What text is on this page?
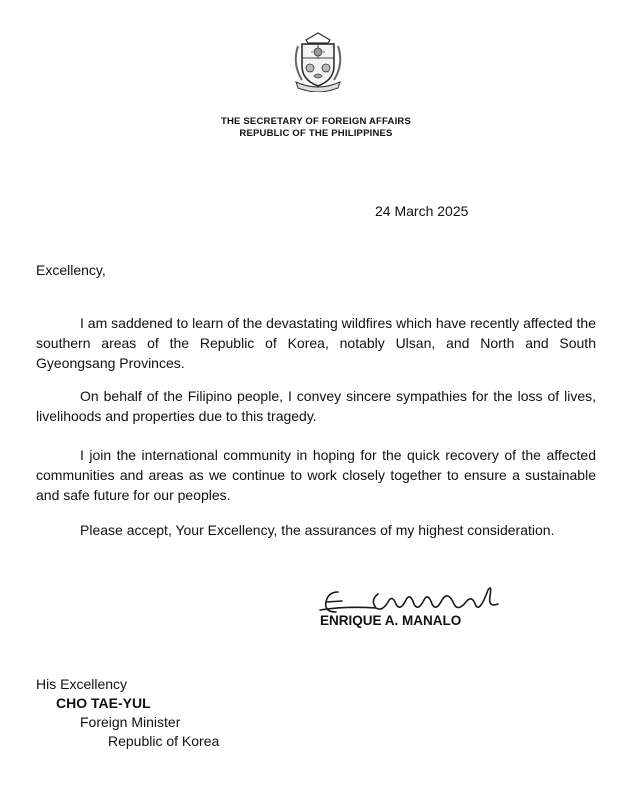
THE SECRETARY OF FOREIGN AFFAIRS
REPUBLIC OF THE PHILIPPINES
24 March 2025
Excellency,

I am saddened to learn of the devastating wildfires which have recently affected the southern areas of the Republic of Korea, notably Ulsan, and North and South Gyeongsang Provinces.

On behalf of the Filipino people, I convey sincere sympathies for the loss of lives, livelihoods and properties due to this tragedy.

I join the international community in hoping for the quick recovery of the affected communities and areas as we continue to work closely together to ensure a sustainable and safe future for our peoples.

Please accept, Your Excellency, the assurances of my highest consideration.

ENRIQUE A. MANALO
His Excellency
CHO TAE-YUL
Foreign Minister
Republic of Korea
